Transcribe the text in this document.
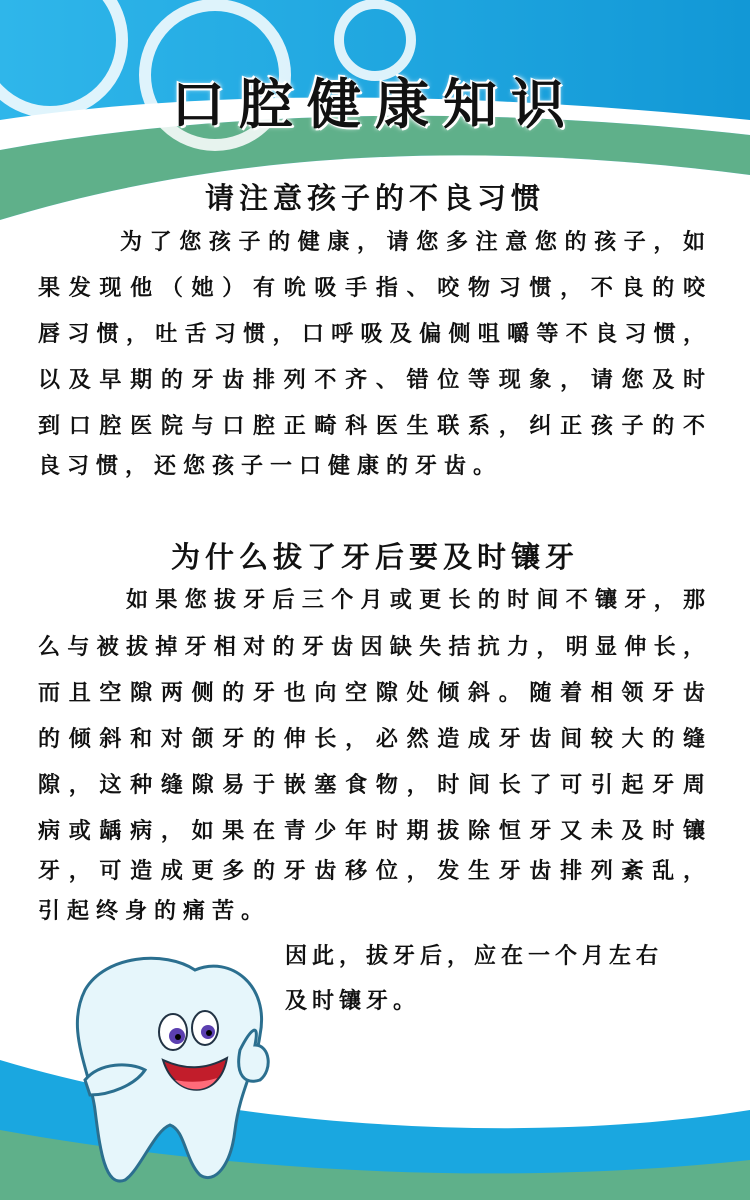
口腔健康知识
请注意孩子的不良习惯
为了您孩子的健康，请您多注意您的孩子，如
果发现他（她）有吮吸手指、咬物习惯，不良的咬
唇习惯，吐舌习惯，口呼吸及偏侧咀嚼等不良习惯，
以及早期的牙齿排列不齐、错位等现象，请您及时
到口腔医院与口腔正畸科医生联系，纠正孩子的不
良习惯，还您孩子一口健康的牙齿。
为什么拔了牙后要及时镶牙
如果您拔牙后三个月或更长的时间不镶牙，那
么与被拔掉牙相对的牙齿因缺失拮抗力，明显伸长，
而且空隙两侧的牙也向空隙处倾斜。随着相领牙齿
的倾斜和对颌牙的伸长，必然造成牙齿间较大的缝
隙，这种缝隙易于嵌塞食物，时间长了可引起牙周
病或龋病，如果在青少年时期拔除恒牙又未及时镶
牙，可造成更多的牙齿移位，发生牙齿排列紊乱，
引起终身的痛苦。
因此，拔牙后，应在一个月左右
及时镶牙。
